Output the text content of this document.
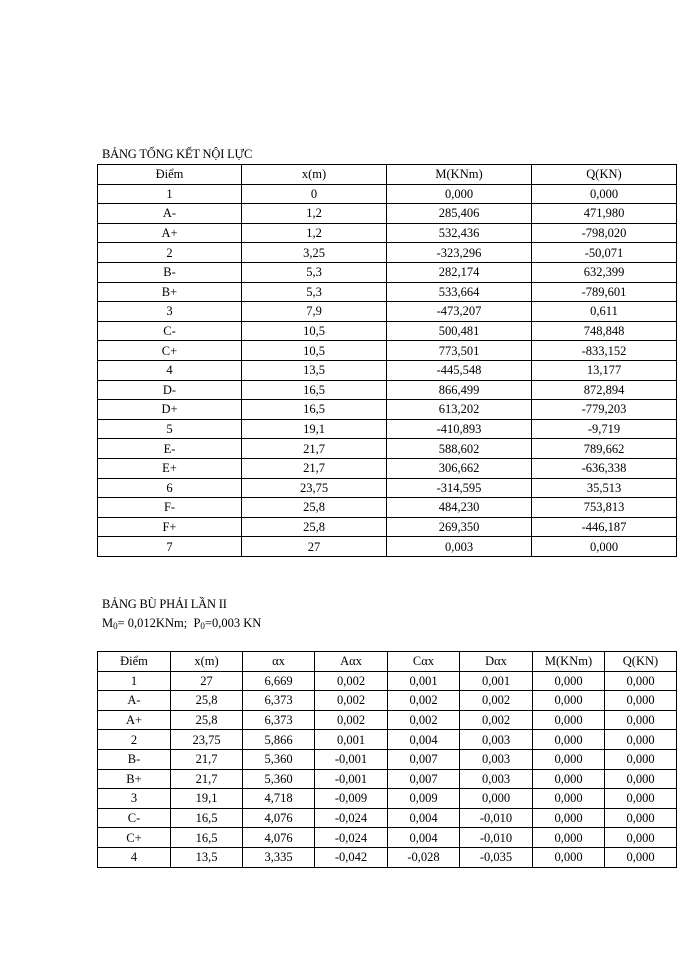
BẢNG TỔNG KẾT NỘI LỰC
Điểm	x(m)	M(KNm)	Q(KN)
1	0	0,000	0,000
A-	1,2	285,406	471,980
A+	1,2	532,436	-798,020
2	3,25	-323,296	-50,071
B-	5,3	282,174	632,399
B+	5,3	533,664	-789,601
3	7,9	-473,207	0,611
C-	10,5	500,481	748,848
C+	10,5	773,501	-833,152
4	13,5	-445,548	13,177
D-	16,5	866,499	872,894
D+	16,5	613,202	-779,203
5	19,1	-410,893	-9,719
E-	21,7	588,602	789,662
E+	21,7	306,662	-636,338
6	23,75	-314,595	35,513
F-	25,8	484,230	753,813
F+	25,8	269,350	-446,187
7	27	0,003	0,000
BẢNG BÙ PHẢI LẦN II
$M_0= 0,012KNm$; $P_0=0,003$ KN
Điểm	x(m)	αx	Aαx	Cαx	Dαx	M(KNm)	Q(KN)
1	27	6,669	0,002	0,001	0,001	0,000	0,000
A-	25,8	6,373	0,002	0,002	0,002	0,000	0,000
A+	25,8	6,373	0,002	0,002	0,002	0,000	0,000
2	23,75	5,866	0,001	0,004	0,003	0,000	0,000
B-	21,7	5,360	-0,001	0,007	0,003	0,000	0,000
B+	21,7	5,360	-0,001	0,007	0,003	0,000	0,000
3	19,1	4,718	-0,009	0,009	0,000	0,000	0,000
C-	16,5	4,076	-0,024	0,004	-0,010	0,000	0,000
C+	16,5	4,076	-0,024	0,004	-0,010	0,000	0,000
4	13,5	3,335	-0,042	-0,028	-0,035	0,000	0,000
